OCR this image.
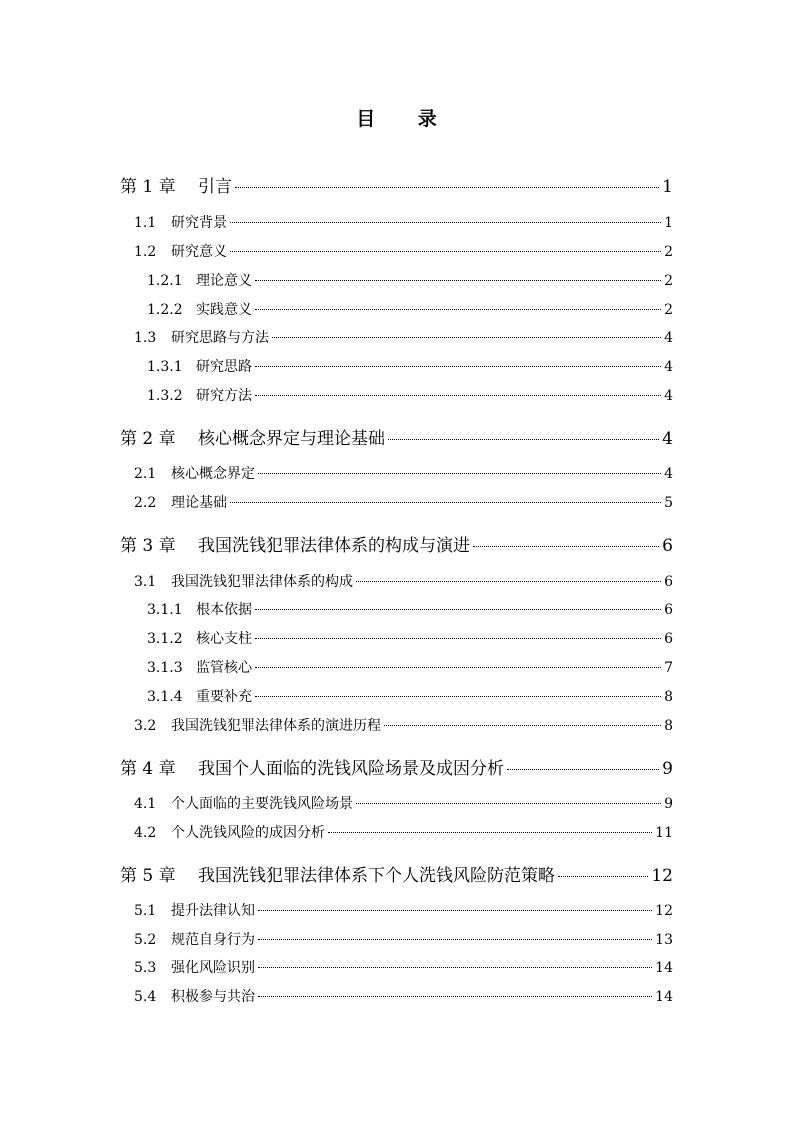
目 录
第 1 章	引言	1
1.1	研究背景	1
1.2	研究意义	2
1.2.1 理论意义	2
1.2.2 实践意义	2
1.3	研究思路与方法	4
1.3.1 研究思路	4
1.3.2 研究方法	4
第 2 章	核心概念界定与理论基础	4
2.1	核心概念界定	4
2.2	理论基础	5
第 3 章	我国洗钱犯罪法律体系的构成与演进	6
3.1	我国洗钱犯罪法律体系的构成	6
3.1.1 根本依据	6
3.1.2 核心支柱	6
3.1.3 监管核心	7
3.1.4 重要补充	8
3.2	我国洗钱犯罪法律体系的演进历程	8
第 4 章	我国个人面临的洗钱风险场景及成因分析	9
4.1	个人面临的主要洗钱风险场景	9
4.2	个人洗钱风险的成因分析	11
第 5 章	我国洗钱犯罪法律体系下个人洗钱风险防范策略	12
5.1	提升法律认知	12
5.2	规范自身行为	13
5.3	强化风险识别	14
5.4	积极参与共治	14
